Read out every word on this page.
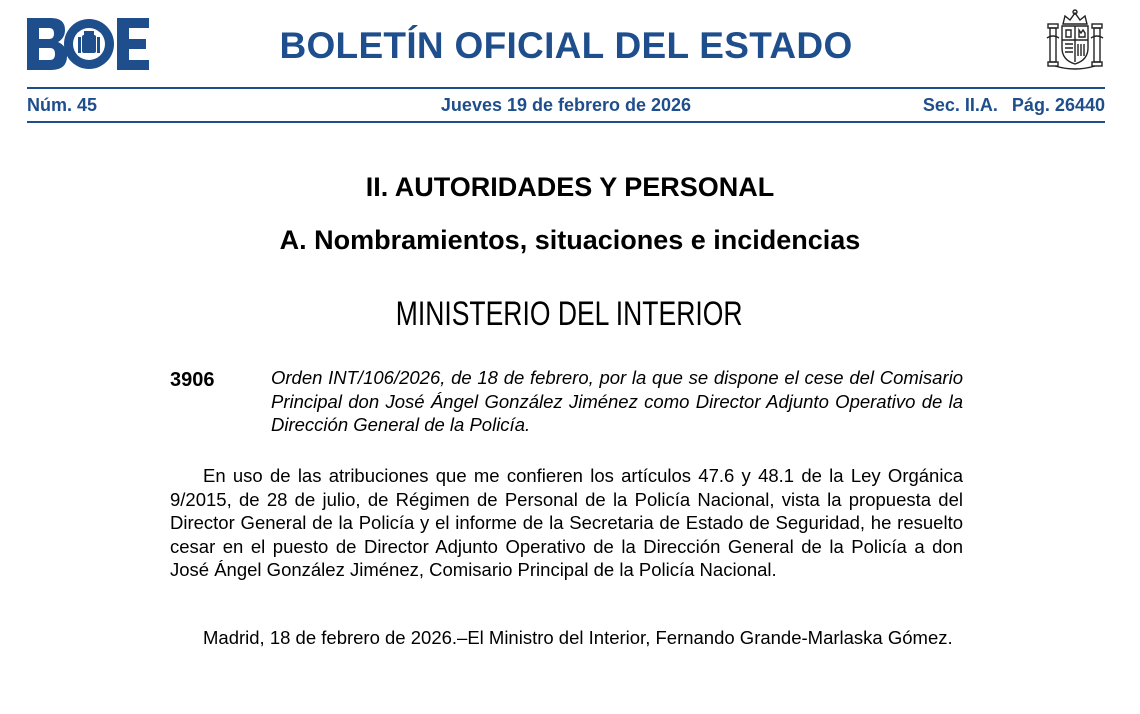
BOLETÍN OFICIAL DEL ESTADO
Núm. 45	Jueves 19 de febrero de 2026	Sec. II.A. Pág. 26440
II. AUTORIDADES Y PERSONAL
A. Nombramientos, situaciones e incidencias
MINISTERIO DEL INTERIOR
3906	Orden INT/106/2026, de 18 de febrero, por la que se dispone el cese del Comisario Principal don José Ángel González Jiménez como Director Adjunto Operativo de la Dirección General de la Policía.

En uso de las atribuciones que me confieren los artículos 47.6 y 48.1 de la Ley Orgánica 9/2015, de 28 de julio, de Régimen de Personal de la Policía Nacional, vista la propuesta del Director General de la Policía y el informe de la Secretaria de Estado de Seguridad, he resuelto cesar en el puesto de Director Adjunto Operativo de la Dirección General de la Policía a don José Ángel González Jiménez, Comisario Principal de la Policía Nacional.

Madrid, 18 de febrero de 2026.–El Ministro del Interior, Fernando Grande-Marlaska Gómez.
